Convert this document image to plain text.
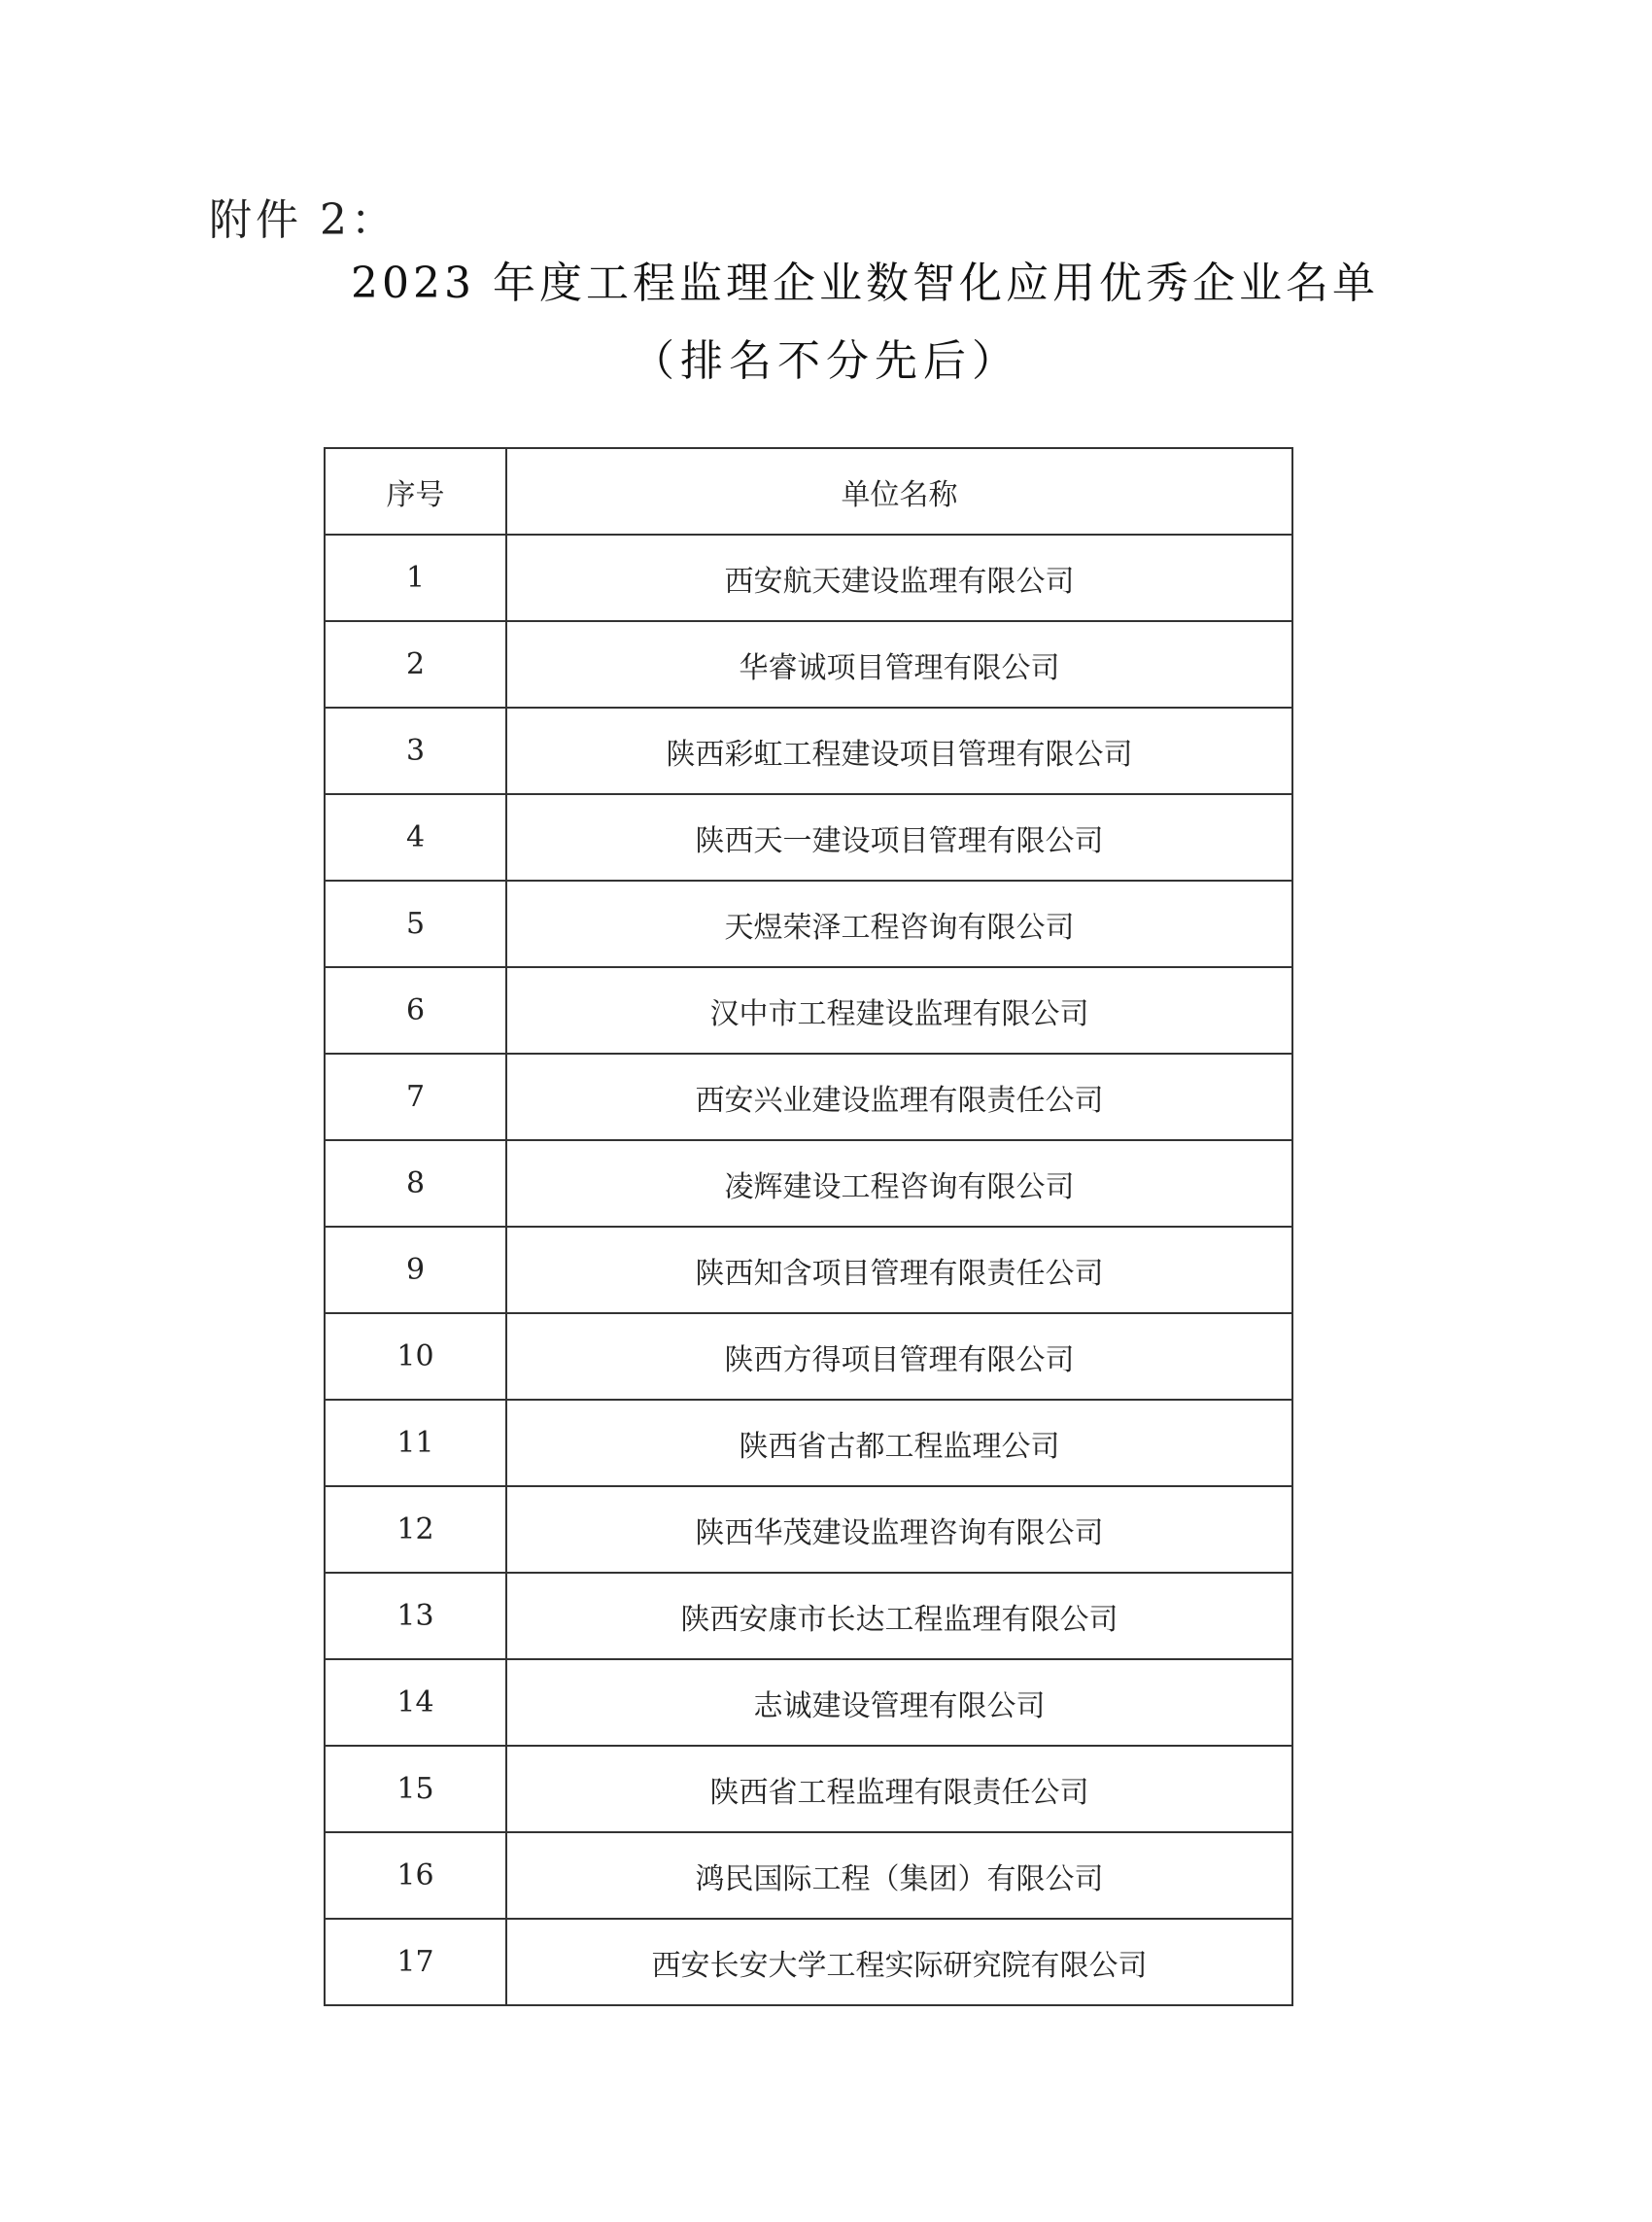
附件 2：
2023 年度工程监理企业数智化应用优秀企业名单
（排名不分先后）
序号	单位名称
1	西安航天建设监理有限公司
2	华睿诚项目管理有限公司
3	陕西彩虹工程建设项目管理有限公司
4	陕西天一建设项目管理有限公司
5	天煜荣泽工程咨询有限公司
6	汉中市工程建设监理有限公司
7	西安兴业建设监理有限责任公司
8	凌辉建设工程咨询有限公司
9	陕西知含项目管理有限责任公司
10	陕西方得项目管理有限公司
11	陕西省古都工程监理公司
12	陕西华茂建设监理咨询有限公司
13	陕西安康市长达工程监理有限公司
14	志诚建设管理有限公司
15	陕西省工程监理有限责任公司
16	鸿民国际工程（集团）有限公司
17	西安长安大学工程实际研究院有限公司
